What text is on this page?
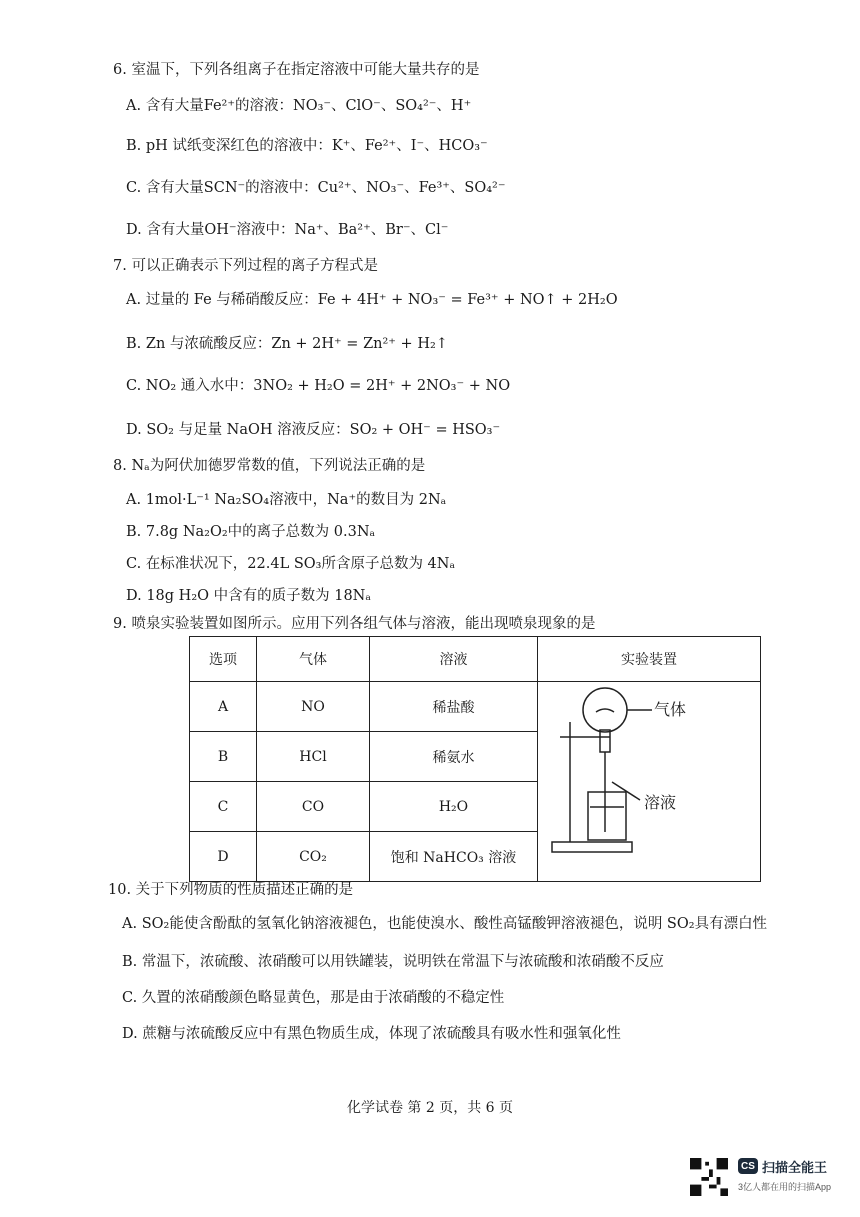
6. 室温下，下列各组离子在指定溶液中可能大量共存的是
A. 含有大量Fe²⁺的溶液：NO₃⁻、ClO⁻、SO₄²⁻、H⁺
B. pH 试纸变深红色的溶液中：K⁺、Fe²⁺、I⁻、HCO₃⁻
C. 含有大量SCN⁻的溶液中：Cu²⁺、NO₃⁻、Fe³⁺、SO₄²⁻
D. 含有大量OH⁻溶液中：Na⁺、Ba²⁺、Br⁻、Cl⁻
7. 可以正确表示下列过程的离子方程式是
A. 过量的 Fe 与稀硝酸反应：Fe + 4H⁺ + NO₃⁻ = Fe³⁺ + NO↑ + 2H₂O
B. Zn 与浓硫酸反应：Zn + 2H⁺ = Zn²⁺ + H₂↑
C. NO₂ 通入水中：3NO₂ + H₂O = 2H⁺ + 2NO₃⁻ + NO
D. SO₂ 与足量 NaOH 溶液反应：SO₂ + OH⁻ = HSO₃⁻
8. Nₐ为阿伏加德罗常数的值，下列说法正确的是
A. 1mol·L⁻¹ Na₂SO₄溶液中，Na⁺的数目为 2Nₐ
B. 7.8g Na₂O₂中的离子总数为 0.3Nₐ
C. 在标准状况下，22.4L SO₃所含原子总数为 4Nₐ
D. 18g H₂O 中含有的质子数为 18Nₐ
9. 喷泉实验装置如图所示。应用下列各组气体与溶液，能出现喷泉现象的是
选项	气体	溶液	实验装置
A	NO	稀盐酸	
B	HCl	稀氨水	
C	CO	H₂O	
D	CO₂	饱和 NaHCO₃ 溶液	
气体
溶液
10. 关于下列物质的性质描述正确的是
A. SO₂能使含酚酞的氢氧化钠溶液褪色，也能使溴水、酸性高锰酸钾溶液褪色，说明 SO₂具有漂白性
B. 常温下，浓硫酸、浓硝酸可以用铁罐装，说明铁在常温下与浓硫酸和浓硝酸不反应
C. 久置的浓硝酸颜色略显黄色，那是由于浓硝酸的不稳定性
D. 蔗糖与浓硫酸反应中有黑色物质生成，体现了浓硫酸具有吸水性和强氧化性
化学试卷 第 2 页，共 6 页
CS 扫描全能王
3亿人都在用的扫描App
